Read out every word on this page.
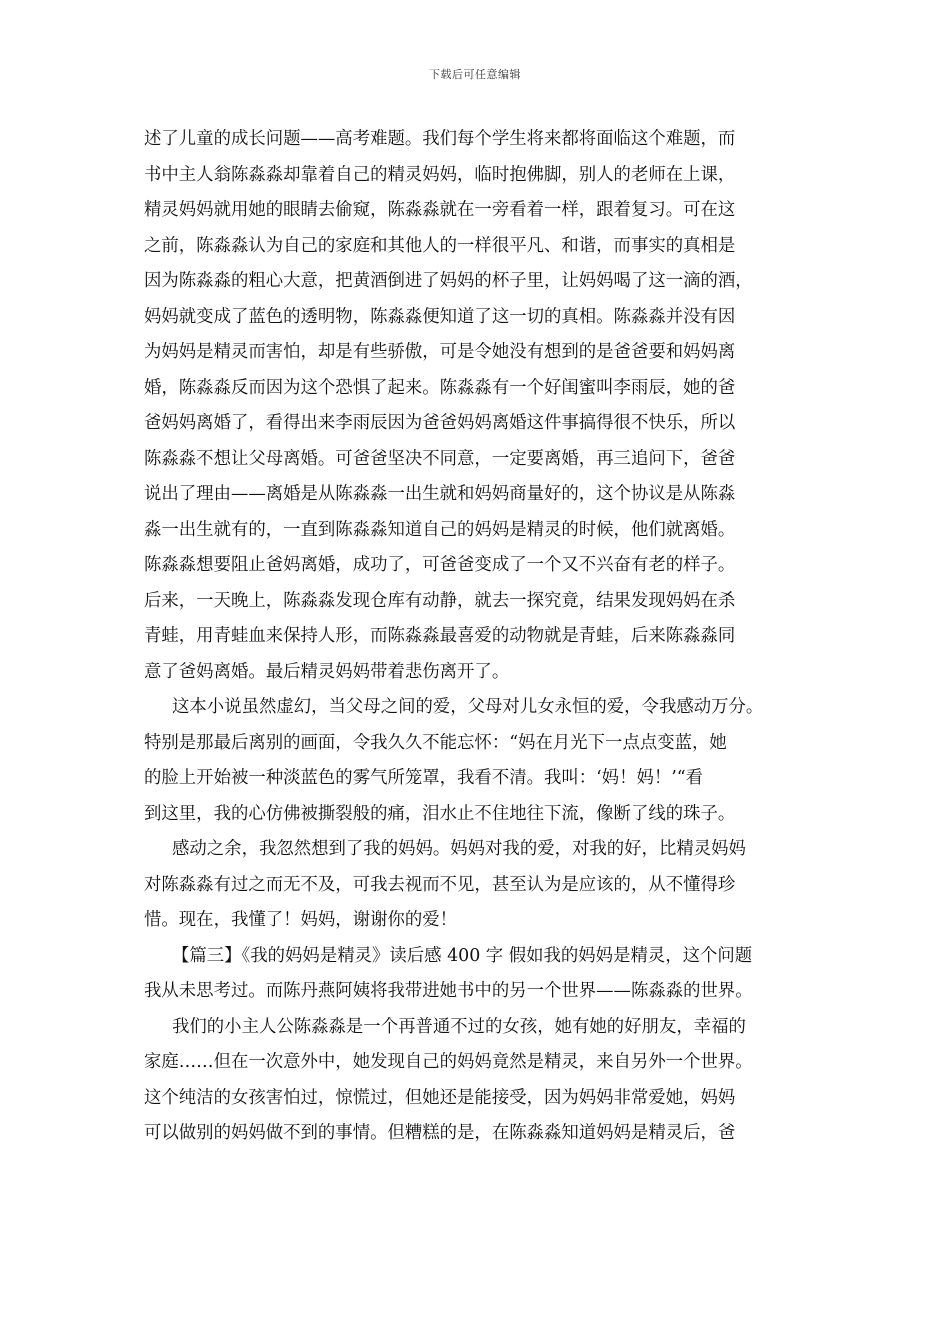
下载后可任意编辑
述了儿童的成长问题——高考难题。我们每个学生将来都将面临这个难题，而
书中主人翁陈淼淼却靠着自己的精灵妈妈，临时抱佛脚，别人的老师在上课，
精灵妈妈就用她的眼睛去偷窥，陈淼淼就在一旁看着一样，跟着复习。可在这
之前，陈淼淼认为自己的家庭和其他人的一样很平凡、和谐，而事实的真相是
因为陈淼淼的粗心大意，把黄酒倒进了妈妈的杯子里，让妈妈喝了这一滴的酒，
妈妈就变成了蓝色的透明物，陈淼淼便知道了这一切的真相。陈淼淼并没有因
为妈妈是精灵而害怕，却是有些骄傲，可是令她没有想到的是爸爸要和妈妈离
婚，陈淼淼反而因为这个恐惧了起来。陈淼淼有一个好闺蜜叫李雨辰，她的爸
爸妈妈离婚了，看得出来李雨辰因为爸爸妈妈离婚这件事搞得很不快乐，所以
陈淼淼不想让父母离婚。可爸爸坚决不同意，一定要离婚，再三追问下，爸爸
说出了理由——离婚是从陈淼淼一出生就和妈妈商量好的，这个协议是从陈淼
淼一出生就有的，一直到陈淼淼知道自己的妈妈是精灵的时候，他们就离婚。
陈淼淼想要阻止爸妈离婚，成功了，可爸爸变成了一个又不兴奋有老的样子。
后来，一天晚上，陈淼淼发现仓库有动静，就去一探究竟，结果发现妈妈在杀
青蛙，用青蛙血来保持人形，而陈淼淼最喜爱的动物就是青蛙，后来陈淼淼同
意了爸妈离婚。最后精灵妈妈带着悲伤离开了。
这本小说虽然虚幻，当父母之间的爱，父母对儿女永恒的爱，令我感动万分。
特别是那最后离别的画面，令我久久不能忘怀：“妈在月光下一点点变蓝，她
的脸上开始被一种淡蓝色的雾气所笼罩，我看不清。我叫：‘妈！妈！’“看
到这里，我的心仿佛被撕裂般的痛，泪水止不住地往下流，像断了线的珠子。
感动之余，我忽然想到了我的妈妈。妈妈对我的爱，对我的好，比精灵妈妈
对陈淼淼有过之而无不及，可我去视而不见，甚至认为是应该的，从不懂得珍
惜。现在，我懂了！妈妈，谢谢你的爱！
【篇三】《我的妈妈是精灵》读后感 400 字 假如我的妈妈是精灵，这个问题
我从未思考过。而陈丹燕阿姨将我带进她书中的另一个世界——陈淼淼的世界。
我们的小主人公陈淼淼是一个再普通不过的女孩，她有她的好朋友，幸福的
家庭……但在一次意外中，她发现自己的妈妈竟然是精灵，来自另外一个世界。
这个纯洁的女孩害怕过，惊慌过，但她还是能接受，因为妈妈非常爱她，妈妈
可以做别的妈妈做不到的事情。但糟糕的是，在陈淼淼知道妈妈是精灵后，爸
